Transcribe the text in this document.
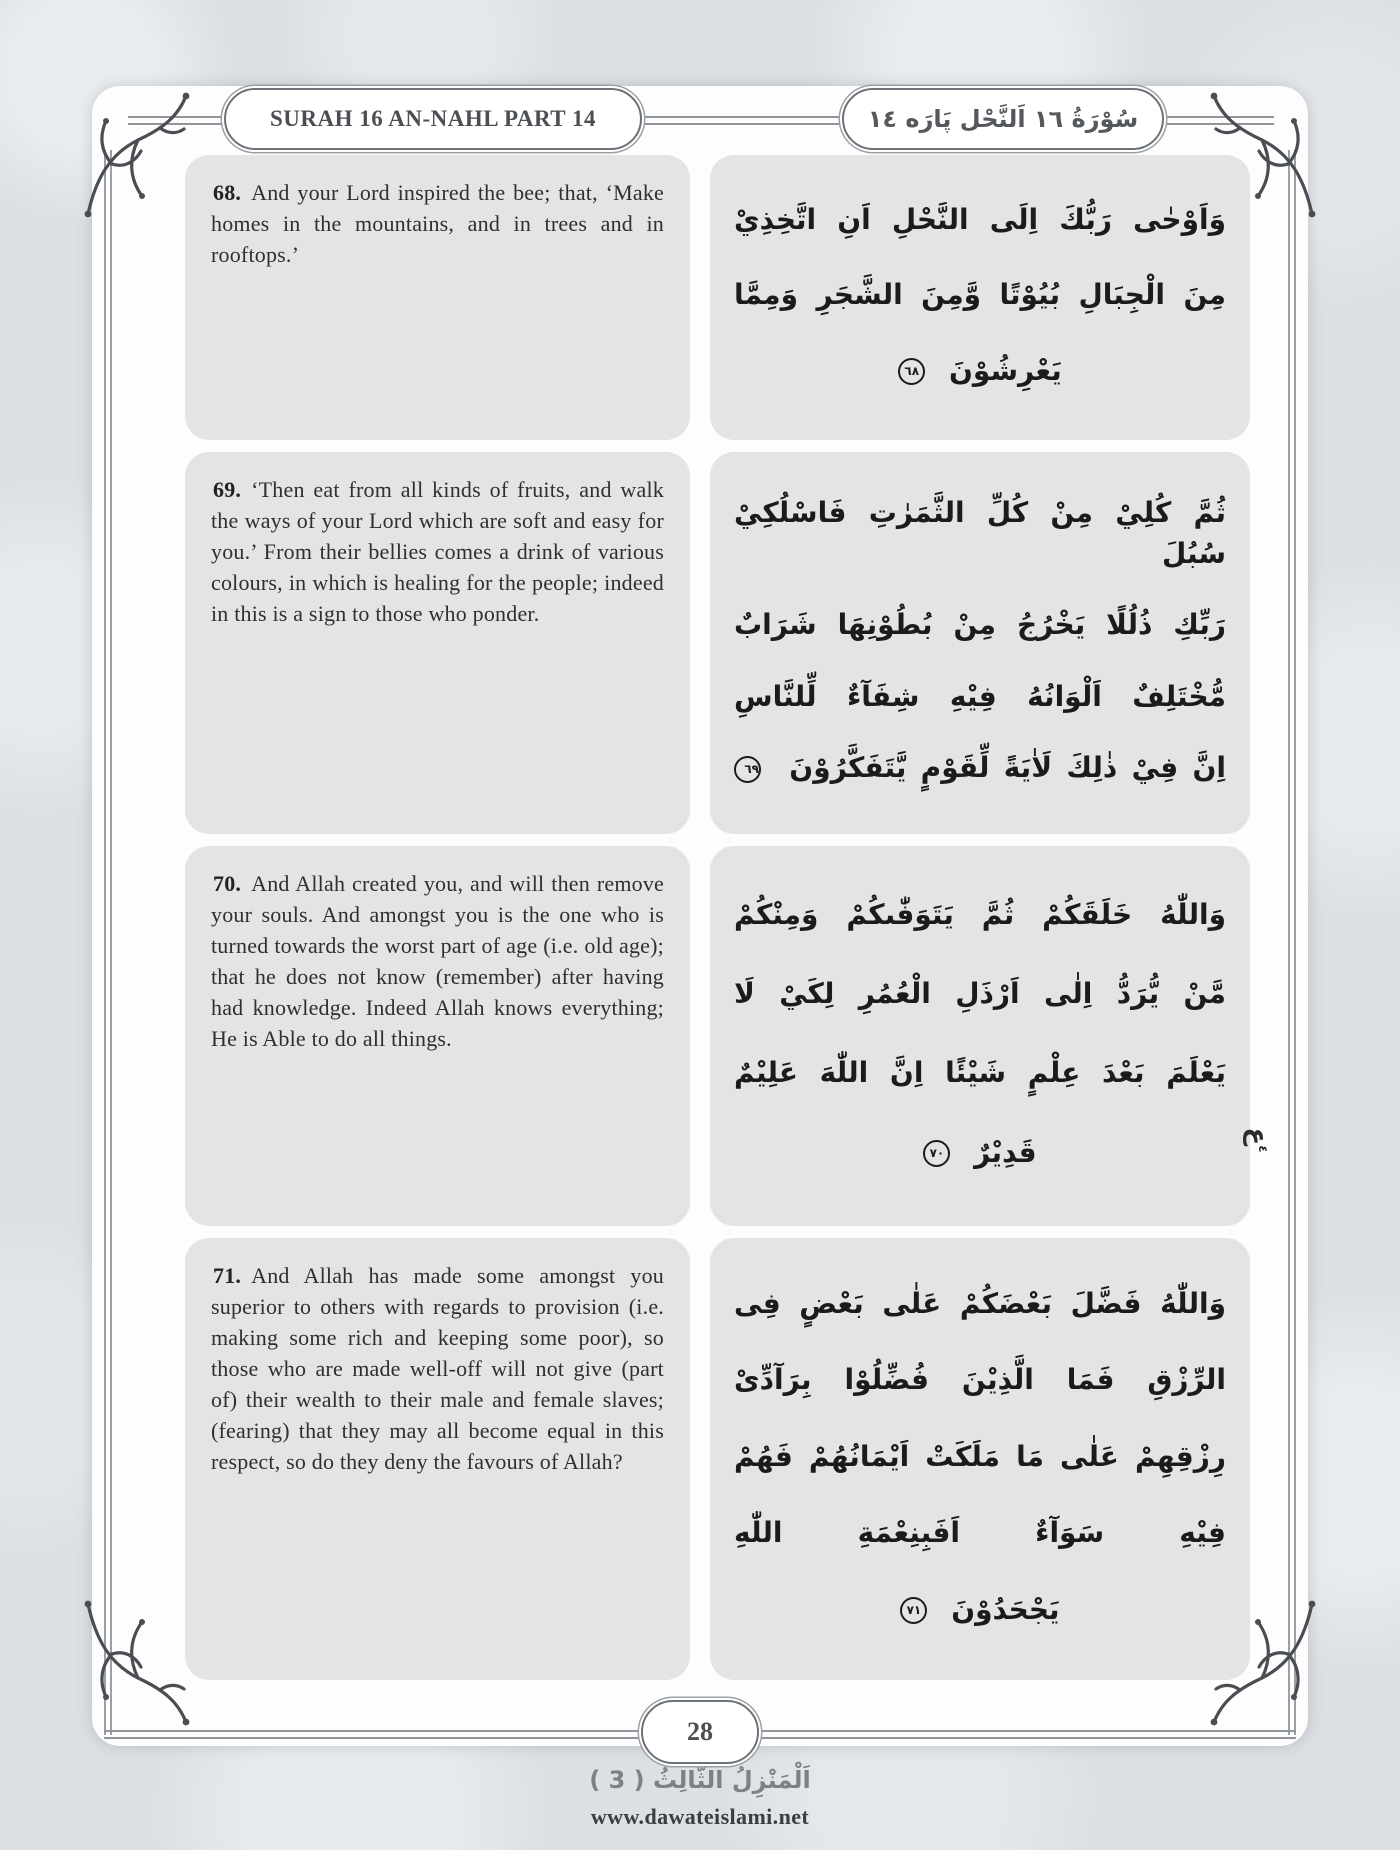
SURAH 16 AN-NAHL PART 14	سُوْرَةُ ١٦ اَلنَّحْل پَارَه ١٤

68. And your Lord inspired the bee; that, ‘Make homes in the mountains, and in trees and in rooftops.’

وَاَوْحٰى رَبُّكَ اِلَى النَّحْلِ اَنِ اتَّخِذِيْ
مِنَ الْجِبَالِ بُيُوْتًا وَّمِنَ الشَّجَرِ وَمِمَّا
يَعْرِشُوْنَ ٦٨

69. ‘Then eat from all kinds of fruits, and walk the ways of your Lord which are soft and easy for you.’ From their bellies comes a drink of various colours, in which is healing for the people; indeed in this is a sign to those who ponder.

ثُمَّ كُلِيْ مِنْ كُلِّ الثَّمَرٰتِ فَاسْلُكِيْ سُبُلَ
رَبِّكِ ذُلُلًا يَخْرُجُ مِنْ بُطُوْنِهَا شَرَابٌ
مُّخْتَلِفٌ اَلْوَانُهُ فِيْهِ شِفَآءٌ لِّلنَّاسِ
اِنَّ فِيْ ذٰلِكَ لَاٰيَةً لِّقَوْمٍ يَّتَفَكَّرُوْنَ ٦٩

70. And Allah created you, and will then remove your souls. And amongst you is the one who is turned towards the worst part of age (i.e. old age); that he does not know (remember) after having had knowledge. Indeed Allah knows everything; He is Able to do all things.

وَاللّٰهُ خَلَقَكُمْ ثُمَّ يَتَوَفّٰىكُمْ وَمِنْكُمْ
مَّنْ يُّرَدُّ اِلٰى اَرْذَلِ الْعُمُرِ لِكَيْ لَا
يَعْلَمَ بَعْدَ عِلْمٍ شَيْئًا اِنَّ اللّٰهَ عَلِيْمٌ
قَدِيْرٌ ٧٠

71. And Allah has made some amongst you superior to others with regards to provision (i.e. making some rich and keeping some poor), so those who are made well-off will not give (part of) their wealth to their male and female slaves; (fearing) that they may all become equal in this respect, so do they deny the favours of Allah?

وَاللّٰهُ فَضَّلَ بَعْضَكُمْ عَلٰى بَعْضٍ فِى
الرِّزْقِ فَمَا الَّذِيْنَ فُضِّلُوْا بِرَآدِّىْ
رِزْقِهِمْ عَلٰى مَا مَلَكَتْ اَيْمَانُهُمْ فَهُمْ
فِيْهِ سَوَآءٌ اَفَبِنِعْمَةِ اللّٰهِ
يَجْحَدُوْنَ ٧١
$^٤$ع
28
اَلْمَنْزِلُ الثَّالِثُ ( 3 )
www.dawateislami.net
